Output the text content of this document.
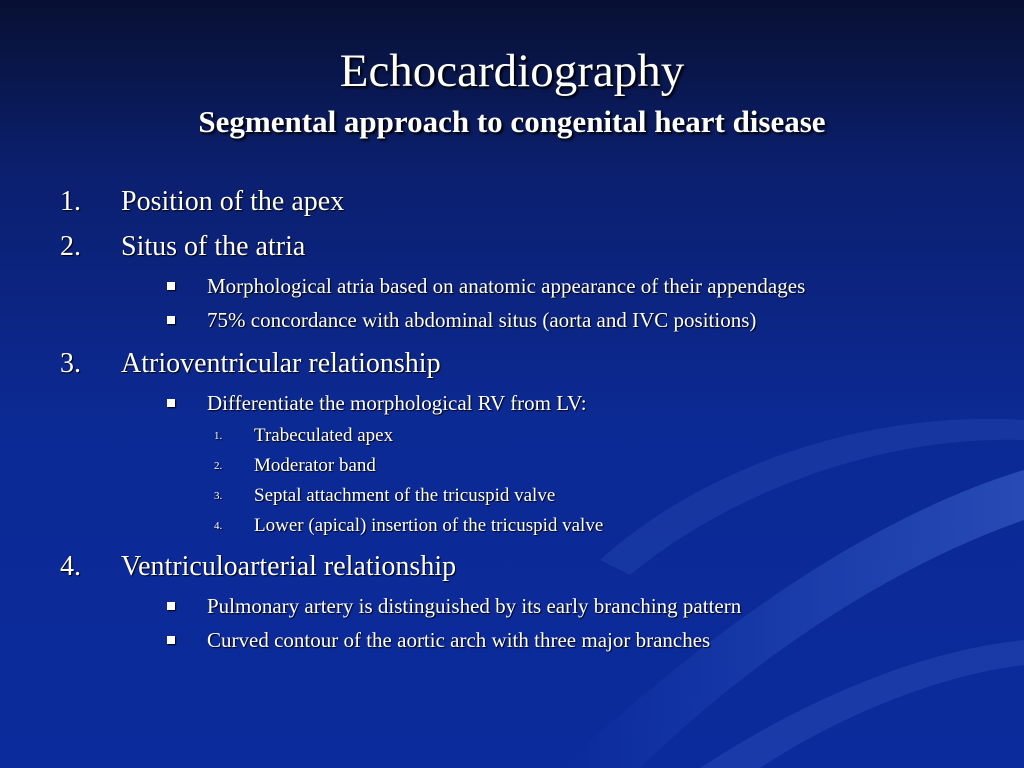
Echocardiography
Segmental approach to congenital heart disease
1. Position of the apex
2. Situs of the atria
Morphological atria based on anatomic appearance of their appendages
75% concordance with abdominal situs (aorta and IVC positions)
3. Atrioventricular relationship
Differentiate the morphological RV from LV:
1. Trabeculated apex
2. Moderator band
3. Septal attachment of the tricuspid valve
4. Lower (apical) insertion of the tricuspid valve
4. Ventriculoarterial relationship
Pulmonary artery is distinguished by its early branching pattern
Curved contour of the aortic arch with three major branches
